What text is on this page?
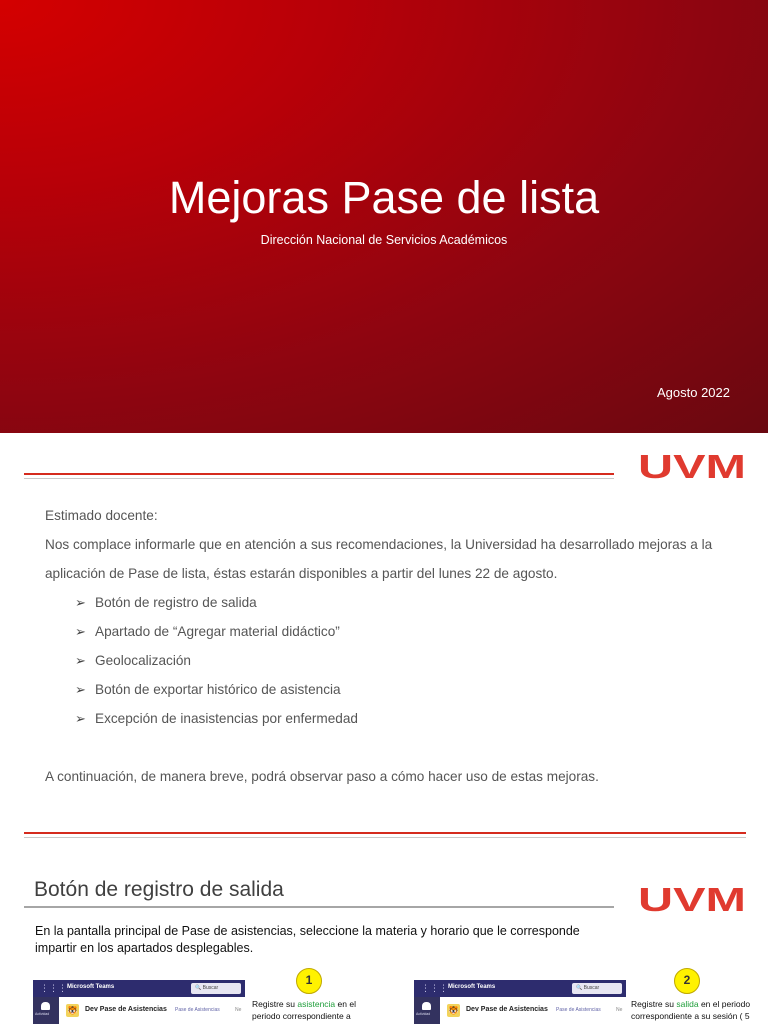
Mejoras Pase de lista
Dirección Nacional de Servicios Académicos
Agosto 2022
UVM

Estimado docente:

Nos complace informarle que en atención a sus recomendaciones, la Universidad ha desarrollado mejoras a la aplicación de Pase de lista, éstas estarán disponibles a partir del lunes 22 de agosto.

➢ Botón de registro de salida
➢ Apartado de “Agregar material didáctico”
➢ Geolocalización
➢ Botón de exportar histórico de asistencia
➢ Excepción de inasistencias por enfermedad

A continuación, de manera breve, podrá observar paso a cómo hacer uso de estas mejoras.

Botón de registro de salida	UVM
En la pantalla principal de Pase de asistencias, seleccione la materia y horario que le corresponde impartir en los apartados desplegables.
⋮⋮⋮ Microsoft Teams	🔍 Buscar
Actividad 🐯 Dev Pase de Asistencias Pase de Asistencias	Ne
1
Registre su asistencia en el periodo correspondiente a
⋮⋮⋮ Microsoft Teams	🔍 Buscar
Actividad 🐯 Dev Pase de Asistencias Pase de Asistencias	Ne
2
Registre su salida en el periodo correspondiente a su sesión ( 5
